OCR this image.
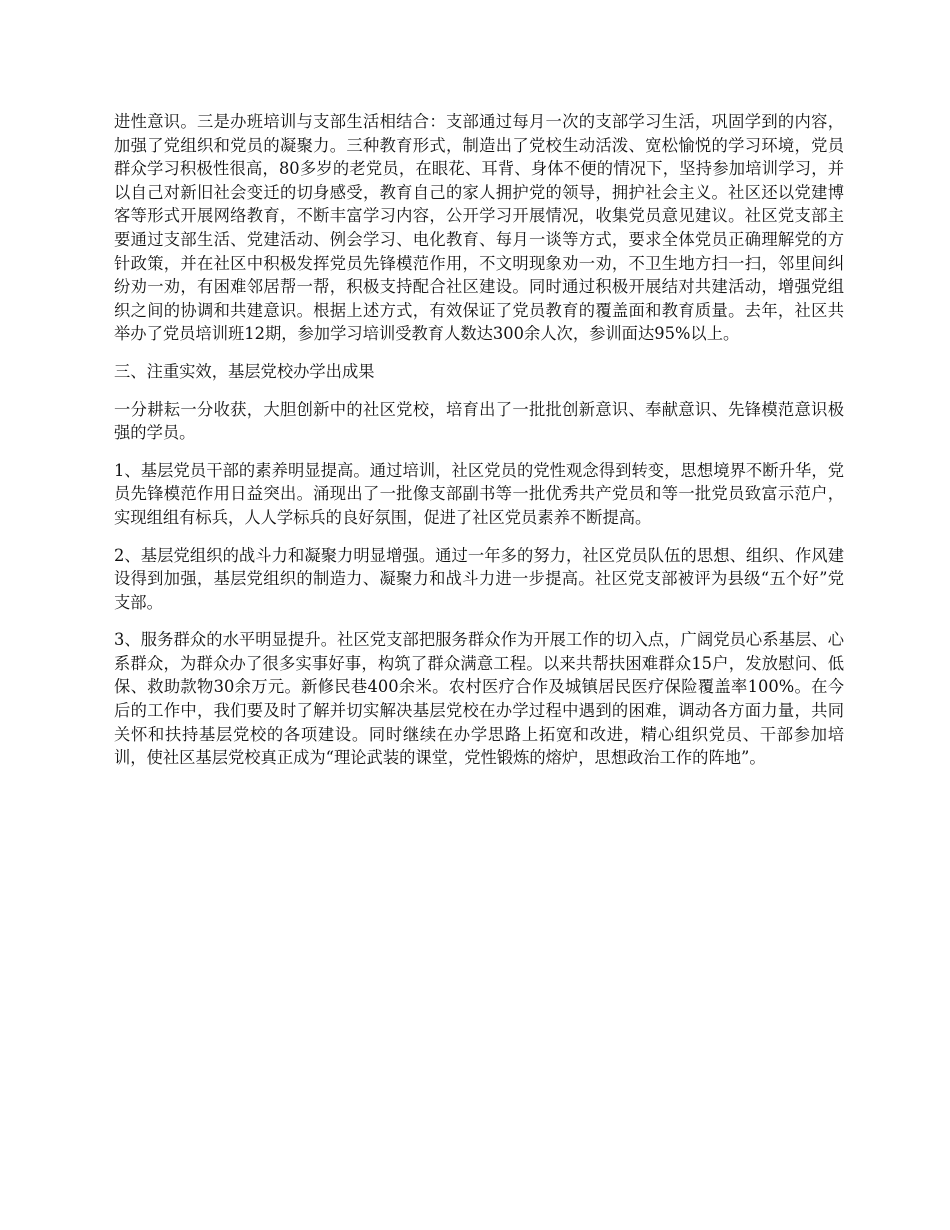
进性意识。三是办班培训与支部生活相结合：支部通过每月一次的支部学习生活，巩固学到的内容，加强了党组织和党员的凝聚力。三种教育形式，制造出了党校生动活泼、宽松愉悦的学习环境，党员群众学习积极性很高，80多岁的老党员，在眼花、耳背、身体不便的情况下，坚持参加培训学习，并以自己对新旧社会变迁的切身感受，教育自己的家人拥护党的领导，拥护社会主义。社区还以党建博客等形式开展网络教育，不断丰富学习内容，公开学习开展情况，收集党员意见建议。社区党支部主要通过支部生活、党建活动、例会学习、电化教育、每月一谈等方式，要求全体党员正确理解党的方针政策，并在社区中积极发挥党员先锋模范作用，不文明现象劝一劝，不卫生地方扫一扫，邻里间纠纷劝一劝，有困难邻居帮一帮，积极支持配合社区建设。同时通过积极开展结对共建活动，增强党组织之间的协调和共建意识。根据上述方式，有效保证了党员教育的覆盖面和教育质量。去年，社区共举办了党员培训班12期，参加学习培训受教育人数达300余人次，参训面达95%以上。

三、注重实效，基层党校办学出成果

一分耕耘一分收获，大胆创新中的社区党校，培育出了一批批创新意识、奉献意识、先锋模范意识极强的学员。

1、基层党员干部的素养明显提高。通过培训，社区党员的党性观念得到转变，思想境界不断升华，党员先锋模范作用日益突出。涌现出了一批像支部副书等一批优秀共产党员和等一批党员致富示范户，实现组组有标兵，人人学标兵的良好氛围，促进了社区党员素养不断提高。

2、基层党组织的战斗力和凝聚力明显增强。通过一年多的努力，社区党员队伍的思想、组织、作风建设得到加强，基层党组织的制造力、凝聚力和战斗力进一步提高。社区党支部被评为县级“五个好”党支部。

3、服务群众的水平明显提升。社区党支部把服务群众作为开展工作的切入点，广阔党员心系基层、心系群众，为群众办了很多实事好事，构筑了群众满意工程。以来共帮扶困难群众15户，发放慰问、低保、救助款物30余万元。新修民巷400余米。农村医疗合作及城镇居民医疗保险覆盖率100%。在今后的工作中，我们要及时了解并切实解决基层党校在办学过程中遇到的困难，调动各方面力量，共同关怀和扶持基层党校的各项建设。同时继续在办学思路上拓宽和改进，精心组织党员、干部参加培训，使社区基层党校真正成为“理论武装的课堂，党性锻炼的熔炉，思想政治工作的阵地”。
